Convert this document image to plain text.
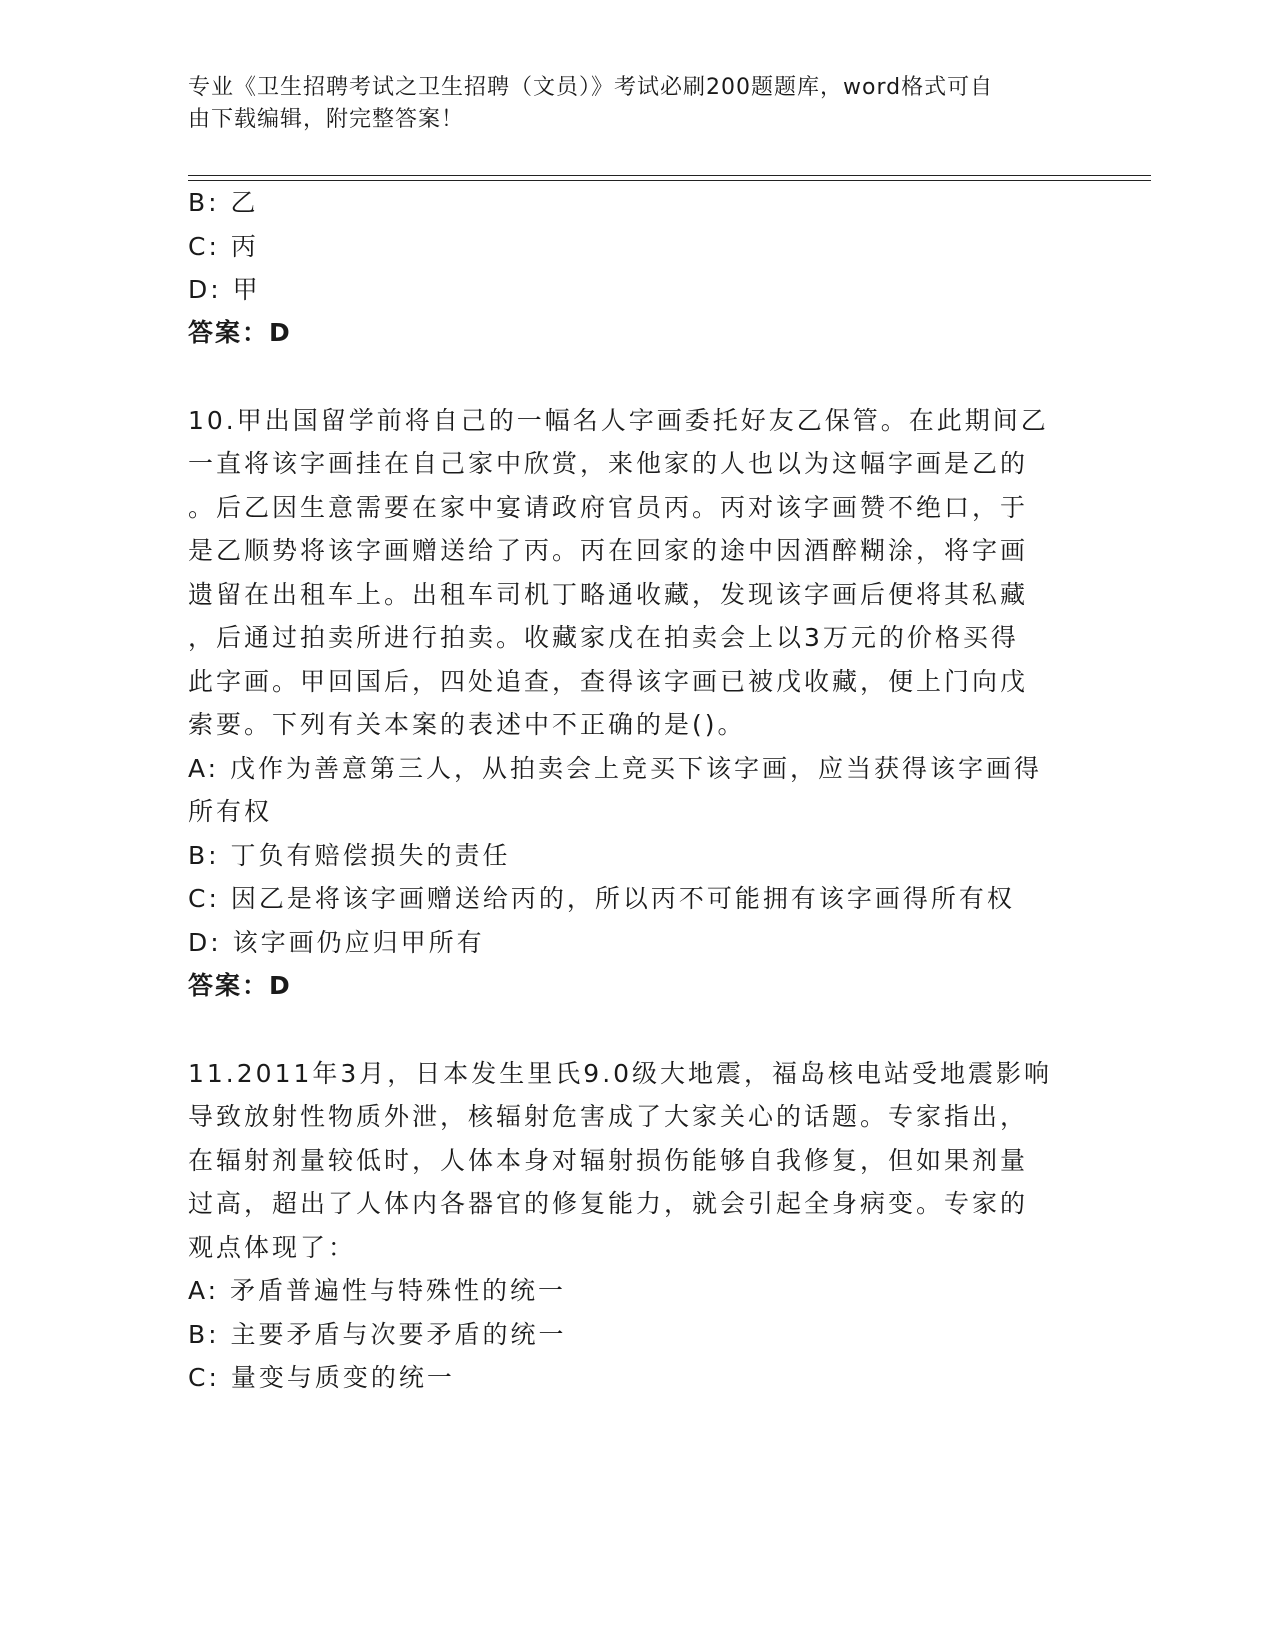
专业《卫生招聘考试之卫生招聘（文员）》考试必刷200题题库，word格式可自
由下载编辑，附完整答案！
B: 乙
C: 丙
D: 甲
答案：D
10.甲出国留学前将自己的一幅名人字画委托好友乙保管。在此期间乙
一直将该字画挂在自己家中欣赏，来他家的人也以为这幅字画是乙的
。后乙因生意需要在家中宴请政府官员丙。丙对该字画赞不绝口，于
是乙顺势将该字画赠送给了丙。丙在回家的途中因酒醉糊涂，将字画
遗留在出租车上。出租车司机丁略通收藏，发现该字画后便将其私藏
，后通过拍卖所进行拍卖。收藏家戊在拍卖会上以3万元的价格买得
此字画。甲回国后，四处追查，查得该字画已被戊收藏，便上门向戊
索要。下列有关本案的表述中不正确的是()。
A: 戊作为善意第三人，从拍卖会上竞买下该字画，应当获得该字画得
所有权
B: 丁负有赔偿损失的责任
C: 因乙是将该字画赠送给丙的，所以丙不可能拥有该字画得所有权
D: 该字画仍应归甲所有
答案：D
11.2011年3月，日本发生里氏9.0级大地震，福岛核电站受地震影响
导致放射性物质外泄，核辐射危害成了大家关心的话题。专家指出，
在辐射剂量较低时，人体本身对辐射损伤能够自我修复，但如果剂量
过高，超出了人体内各器官的修复能力，就会引起全身病变。专家的
观点体现了：
A: 矛盾普遍性与特殊性的统一
B: 主要矛盾与次要矛盾的统一
C: 量变与质变的统一
